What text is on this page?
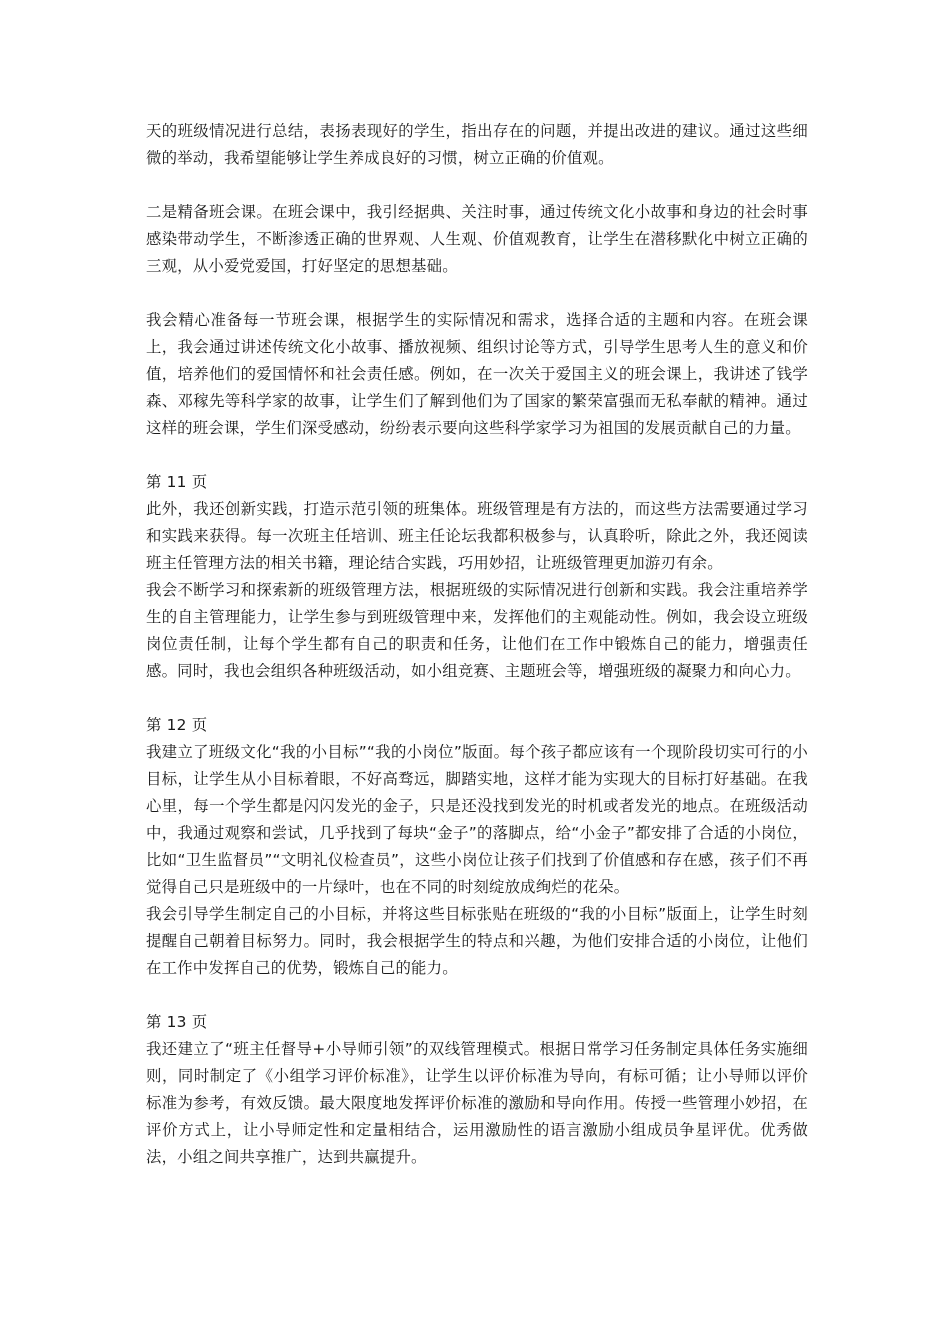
天的班级情况进行总结，表扬表现好的学生，指出存在的问题，并提出改进的建议。通过这些细微的举动，我希望能够让学生养成良好的习惯，树立正确的价值观。

二是精备班会课。在班会课中，我引经据典、关注时事，通过传统文化小故事和身边的社会时事感染带动学生，不断渗透正确的世界观、人生观、价值观教育，让学生在潜移默化中树立正确的三观，从小爱党爱国，打好坚定的思想基础。

我会精心准备每一节班会课，根据学生的实际情况和需求，选择合适的主题和内容。在班会课上，我会通过讲述传统文化小故事、播放视频、组织讨论等方式，引导学生思考人生的意义和价值，培养他们的爱国情怀和社会责任感。例如，在一次关于爱国主义的班会课上，我讲述了钱学森、邓稼先等科学家的故事，让学生们了解到他们为了国家的繁荣富强而无私奉献的精神。通过这样的班会课，学生们深受感动，纷纷表示要向这些科学家学习为祖国的发展贡献自己的力量。

第 11 页

此外，我还创新实践，打造示范引领的班集体。班级管理是有方法的，而这些方法需要通过学习和实践来获得。每一次班主任培训、班主任论坛我都积极参与，认真聆听，除此之外，我还阅读班主任管理方法的相关书籍，理论结合实践，巧用妙招，让班级管理更加游刃有余。

我会不断学习和探索新的班级管理方法，根据班级的实际情况进行创新和实践。我会注重培养学生的自主管理能力，让学生参与到班级管理中来，发挥他们的主观能动性。例如，我会设立班级岗位责任制，让每个学生都有自己的职责和任务，让他们在工作中锻炼自己的能力，增强责任感。同时，我也会组织各种班级活动，如小组竞赛、主题班会等，增强班级的凝聚力和向心力。

第 12 页

我建立了班级文化“我的小目标”“我的小岗位”版面。每个孩子都应该有一个现阶段切实可行的小目标，让学生从小目标着眼，不好高骛远，脚踏实地，这样才能为实现大的目标打好基础。在我心里，每一个学生都是闪闪发光的金子，只是还没找到发光的时机或者发光的地点。在班级活动中，我通过观察和尝试，几乎找到了每块“金子”的落脚点，给“小金子”都安排了合适的小岗位，比如“卫生监督员”“文明礼仪检查员”，这些小岗位让孩子们找到了价值感和存在感，孩子们不再觉得自己只是班级中的一片绿叶，也在不同的时刻绽放成绚烂的花朵。

我会引导学生制定自己的小目标，并将这些目标张贴在班级的“我的小目标”版面上，让学生时刻提醒自己朝着目标努力。同时，我会根据学生的特点和兴趣，为他们安排合适的小岗位，让他们在工作中发挥自己的优势，锻炼自己的能力。

第 13 页

我还建立了“班主任督导+小导师引领”的双线管理模式。根据日常学习任务制定具体任务实施细则，同时制定了《小组学习评价标准》，让学生以评价标准为导向，有标可循；让小导师以评价标准为参考，有效反馈。最大限度地发挥评价标准的激励和导向作用。传授一些管理小妙招，在评价方式上，让小导师定性和定量相结合，运用激励性的语言激励小组成员争星评优。优秀做法，小组之间共享推广，达到共赢提升。
